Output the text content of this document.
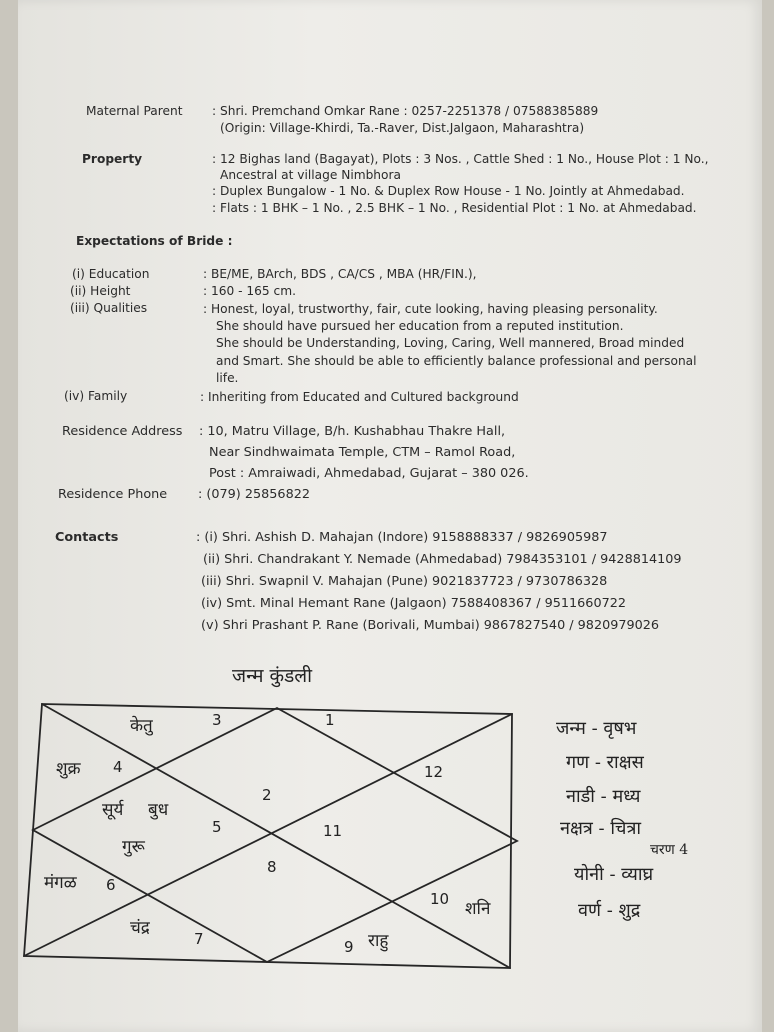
Maternal Parent : Shri. Premchand Omkar Rane : 0257-2251378 / 07588385889
(Origin: Village-Khirdi, Ta.-Raver, Dist.Jalgaon, Maharashtra)
Property	: 12 Bighas land (Bagayat), Plots : 3 Nos. , Cattle Shed : 1 No., House Plot : 1 No.,
Ancestral at village Nimbhora
: Duplex Bungalow - 1 No. & Duplex Row House - 1 No. Jointly at Ahmedabad.
: Flats : 1 BHK – 1 No. , 2.5 BHK – 1 No. , Residential Plot : 1 No. at Ahmedabad.
Expectations of Bride :
(i) Education	: BE/ME, BArch, BDS , CA/CS , MBA (HR/FIN.),
(ii) Height	: 160 - 165 cm.
(iii) Qualities	: Honest, loyal, trustworthy, fair, cute looking, having pleasing personality.
She should have pursued her education from a reputed institution.
She should be Understanding, Loving, Caring, Well mannered, Broad minded
and Smart. She should be able to efficiently balance professional and personal
life.
(iv) Family	: Inheriting from Educated and Cultured background
Residence Address : 10, Matru Village, B/h. Kushabhau Thakre Hall,
Near Sindhwaimata Temple, CTM – Ramol Road,
Post : Amraiwadi, Ahmedabad, Gujarat – 380 026.
Residence Phone : (079) 25856822
Contacts	: (i) Shri. Ashish D. Mahajan (Indore) 9158888337 / 9826905987
(ii) Shri. Chandrakant Y. Nemade (Ahmedabad) 7984353101 / 9428814109
(iii) Shri. Swapnil V. Mahajan (Pune) 9021837723 / 9730786328
(iv) Smt. Minal Hemant Rane (Jalgaon) 7588408367 / 9511660722
(v) Shri Prashant P. Rane (Borivali, Mumbai) 9867827540 / 9820979026
जन्म कुंडली
1
2
3
4
5
6
7
8
9
10
11
12
केतु
शुक्र
सूर्य बुध
गुरू
मंगळ
चंद्र
राहु
शनि
जन्म - वृषभ
गण - राक्षस
नाडी - मध्य
नक्षत्र - चित्रा
चरण 4
योनी - व्याघ्र
वर्ण - शुद्र
